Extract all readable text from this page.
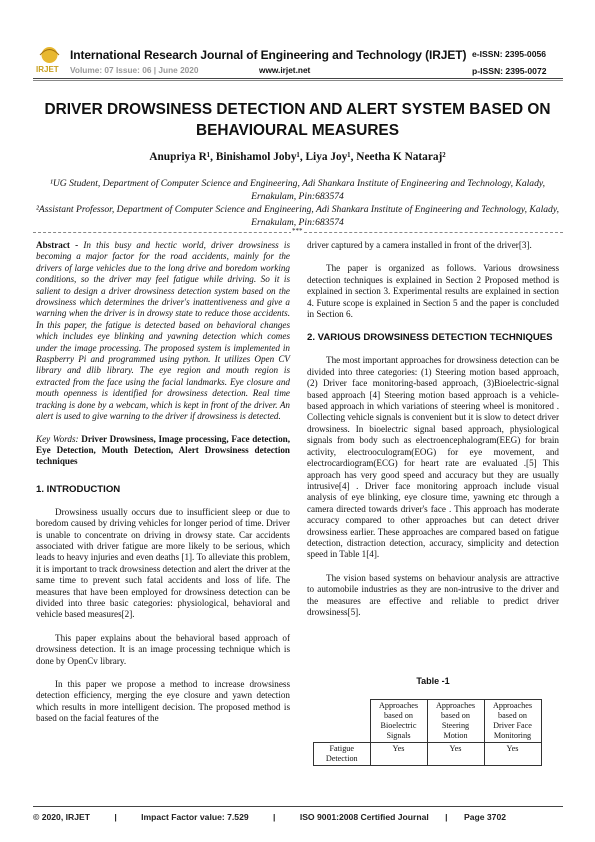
IRJET
International Research Journal of Engineering and Technology (IRJET)
Volume: 07 Issue: 06 | June 2020	www.irjet.net
e-ISSN: 2395-0056
p-ISSN: 2395-0072
DRIVER DROWSINESS DETECTION AND ALERT SYSTEM BASED ON BEHAVIOURAL MEASURES
Anupriya R¹, Binishamol Joby¹, Liya Joy¹, Neetha K Nataraj²
¹UG Student, Department of Computer Science and Engineering, Adi Shankara Institute of Engineering and Technology, Kalady, Ernakulam, Pin:683574
²Assistant Professor, Department of Computer Science and Engineering, Adi Shankara Institute of Engineering and Technology, Kalady, Ernakulam, Pin:683574
***

Abstract - In this busy and hectic world, driver drowsiness is becoming a major factor for the road accidents, mainly for the drivers of large vehicles due to the long drive and boredom working conditions, so the driver may feel fatigue while driving. So it is salient to design a driver drowsiness detection system based on the drowsiness which determines the driver's inattentiveness and give a warning when the driver is in drowsy state to reduce those accidents. In this paper, the fatigue is detected based on behavioral changes which includes eye blinking and yawning detection which comes under the image processing. The proposed system is implemented in Raspberry Pi and programmed using python. It utilizes Open CV library and dlib library. The eye region and mouth region is extracted from the face using the facial landmarks. Eye closure and mouth openness is identified for drowsiness detection. Real time tracking is done by a webcam, which is kept in front of the driver. An alert is used to give warning to the driver if drowsiness is detected.

Key Words: Driver Drowsiness, Image processing, Face detection, Eye Detection, Mouth Detection, Alert Drowsiness detection techniques

1. INTRODUCTION

Drowsiness usually occurs due to insufficient sleep or due to boredom caused by driving vehicles for longer period of time. Driver is unable to concentrate on driving in drowsy state. Car accidents associated with driver fatigue are more likely to be serious, which leads to heavy injuries and even deaths [1]. To alleviate this problem, it is important to track drowsiness detection and alert the driver at the same time to prevent such fatal accidents and loss of life. The measures that have been employed for drowsiness detection can be divided into three basic categories: physiological, behavioral and vehicle based measures[2].

This paper explains about the behavioral based approach of drowsiness detection. It is an image processing technique which is done by OpenCv library.

In this paper we propose a method to increase drowsiness detection efficiency, merging the eye closure and yawn detection which results in more intelligent decision. The proposed method is based on the facial features of the

driver captured by a camera installed in front of the driver[3].

The paper is organized as follows. Various drowsiness detection techniques is explained in Section 2 Proposed method is explained in section 3. Experimental results are explained in section 4. Future scope is explained in Section 5 and the paper is concluded in Section 6.

2. VARIOUS DROWSINESS DETECTION TECHNIQUES

The most important approaches for drowsiness detection can be divided into three categories: (1) Steering motion based approach, (2) Driver face monitoring-based approach, (3)Bioelectric-signal based approach [4] Steering motion based approach is a vehicle-based approach in which variations of steering wheel is monitored . Collecting vehicle signals is convenient but it is slow to detect driver drowsiness. In bioelectric signal based approach, physiological signals from body such as electroencephalogram(EEG) for brain activity, electrooculogram(EOG) for eye movement, and electrocardiogram(ECG) for heart rate are evaluated .[5] This approach has very good speed and accuracy but they are usually intrusive[4] . Driver face monitoring approach include visual analysis of eye blinking, eye closure time, yawning etc through a camera directed towards driver's face . This approach has moderate accuracy compared to other approaches but can detect driver drowsiness earlier. These approaches are compared based on fatigue detection, distraction detection, accuracy, simplicity and detection speed in Table 1[4].

The vision based systems on behaviour analysis are attractive to automobile industries as they are non-intrusive to the driver and the measures are effective and reliable to predict driver drowsiness[5].

Table -1
	Approaches based on Bioelectric Signals	Approaches based on Steering Motion	Approaches based on Driver Face Monitoring
Fatigue Detection	Yes	Yes	Yes
© 2020, IRJET	|	Impact Factor value: 7.529	|	ISO 9001:2008 Certified Journal | Page 3702
